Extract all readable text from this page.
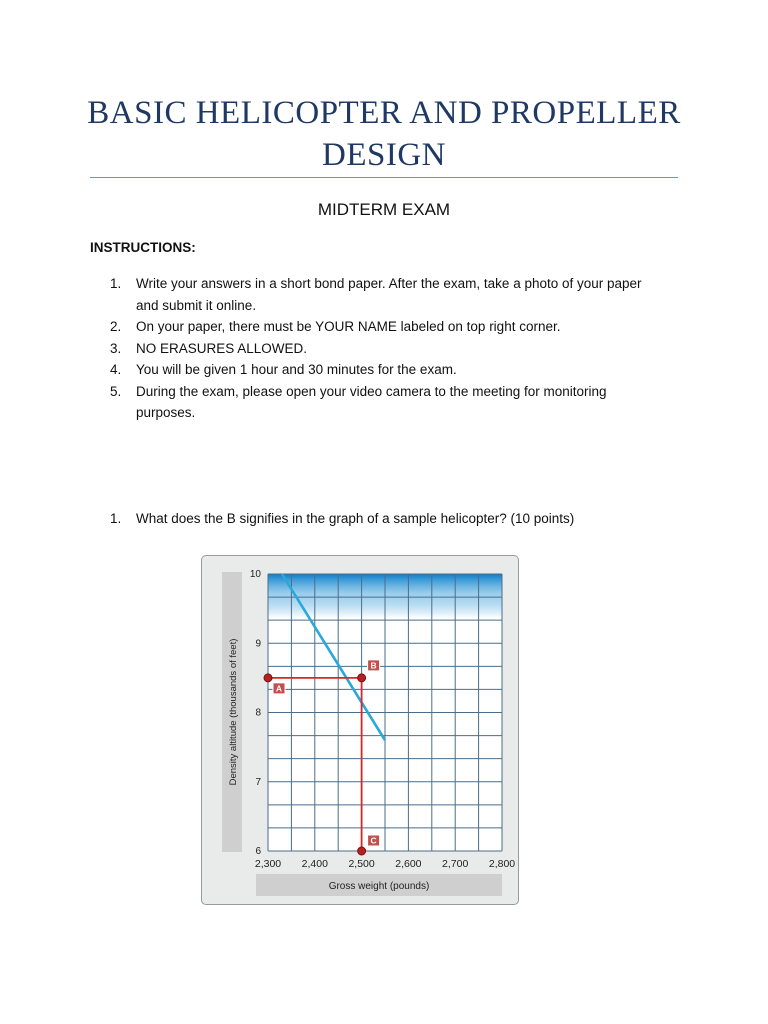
BASIC HELICOPTER AND PROPELLER
DESIGN
MIDTERM EXAM
INSTRUCTIONS:
1. Write your answers in a short bond paper. After the exam, take a photo of your paper
and submit it online.
2. On your paper, there must be YOUR NAME labeled on top right corner.
3. NO ERASURES ALLOWED.
4. You will be given 1 hour and 30 minutes for the exam.
5. During the exam, please open your video camera to the meeting for monitoring
purposes.
1. What does the B signifies in the graph of a sample helicopter? (10 points)
10
9
8
7
6
2,300 2,400 2,500 2,600 2,700 2,800
Density altitude (thousands of feet)
Gross weight (pounds)
A
B
C
